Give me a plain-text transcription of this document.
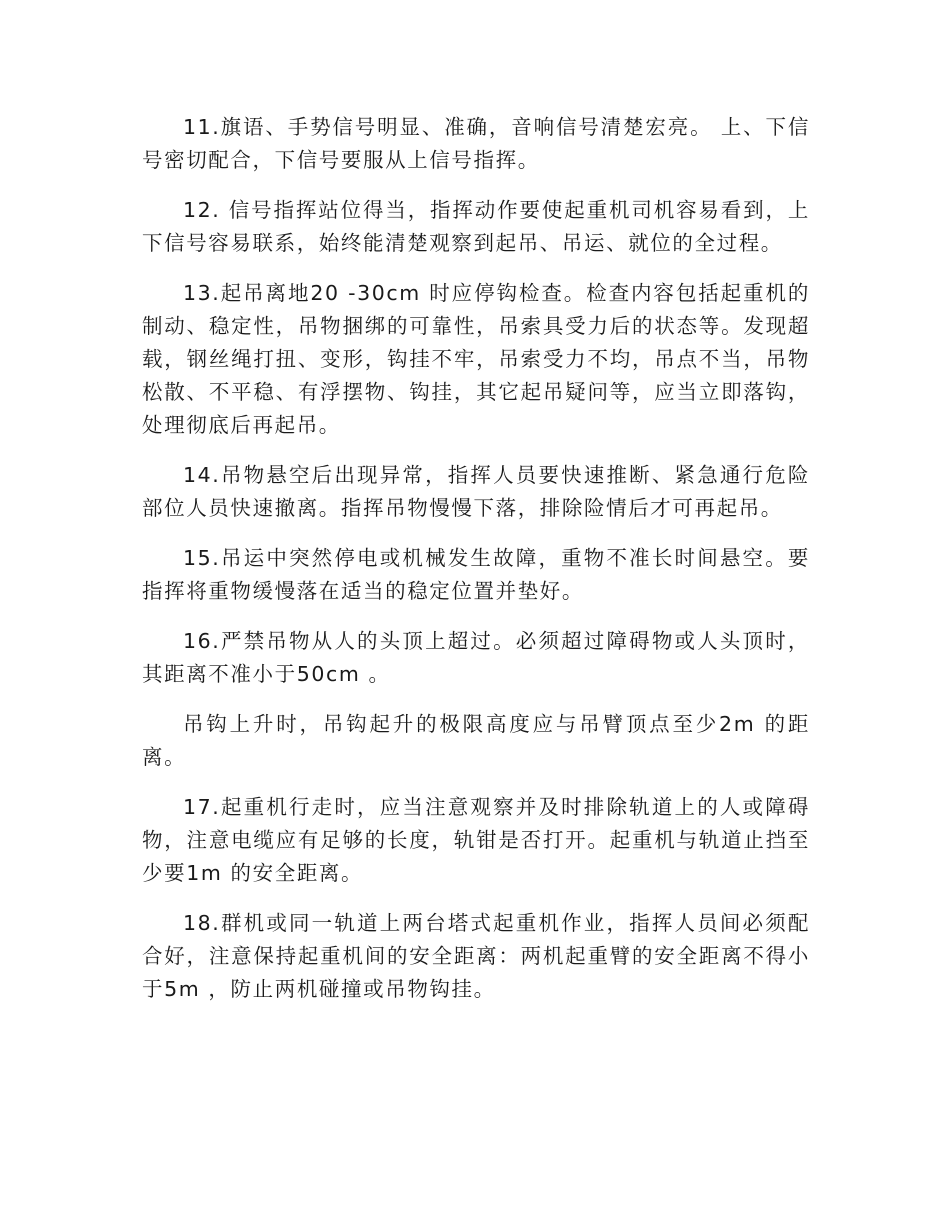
11.旗语、手势信号明显、准确，音响信号清楚宏亮。 上、下信号密切配合，下信号要服从上信号指挥。

12. 信号指挥站位得当，指挥动作要使起重机司机容易看到，上下信号容易联系，始终能清楚观察到起吊、吊运、就位的全过程。

13.起吊离地20 -30cm 时应停钩检查。检查内容包括起重机的制动、稳定性，吊物捆绑的可靠性，吊索具受力后的状态等。发现超载，钢丝绳打扭、变形，钩挂不牢，吊索受力不均，吊点不当，吊物松散、不平稳、有浮摆物、钩挂，其它起吊疑问等，应当立即落钩，处理彻底后再起吊。

14.吊物悬空后出现异常，指挥人员要快速推断、紧急通行危险部位人员快速撤离。指挥吊物慢慢下落，排除险情后才可再起吊。

15.吊运中突然停电或机械发生故障，重物不准长时间悬空。要指挥将重物缓慢落在适当的稳定位置并垫好。

16.严禁吊物从人的头顶上超过。必须超过障碍物或人头顶时，其距离不准小于50cm 。

吊钩上升时，吊钩起升的极限高度应与吊臂顶点至少2m 的距离。

17.起重机行走时，应当注意观察并及时排除轨道上的人或障碍物，注意电缆应有足够的长度，轨钳是否打开。起重机与轨道止挡至少要1m 的安全距离。

18.群机或同一轨道上两台塔式起重机作业，指挥人员间必须配合好，注意保持起重机间的安全距离：两机起重臂的安全距离不得小于5m ，防止两机碰撞或吊物钩挂。
